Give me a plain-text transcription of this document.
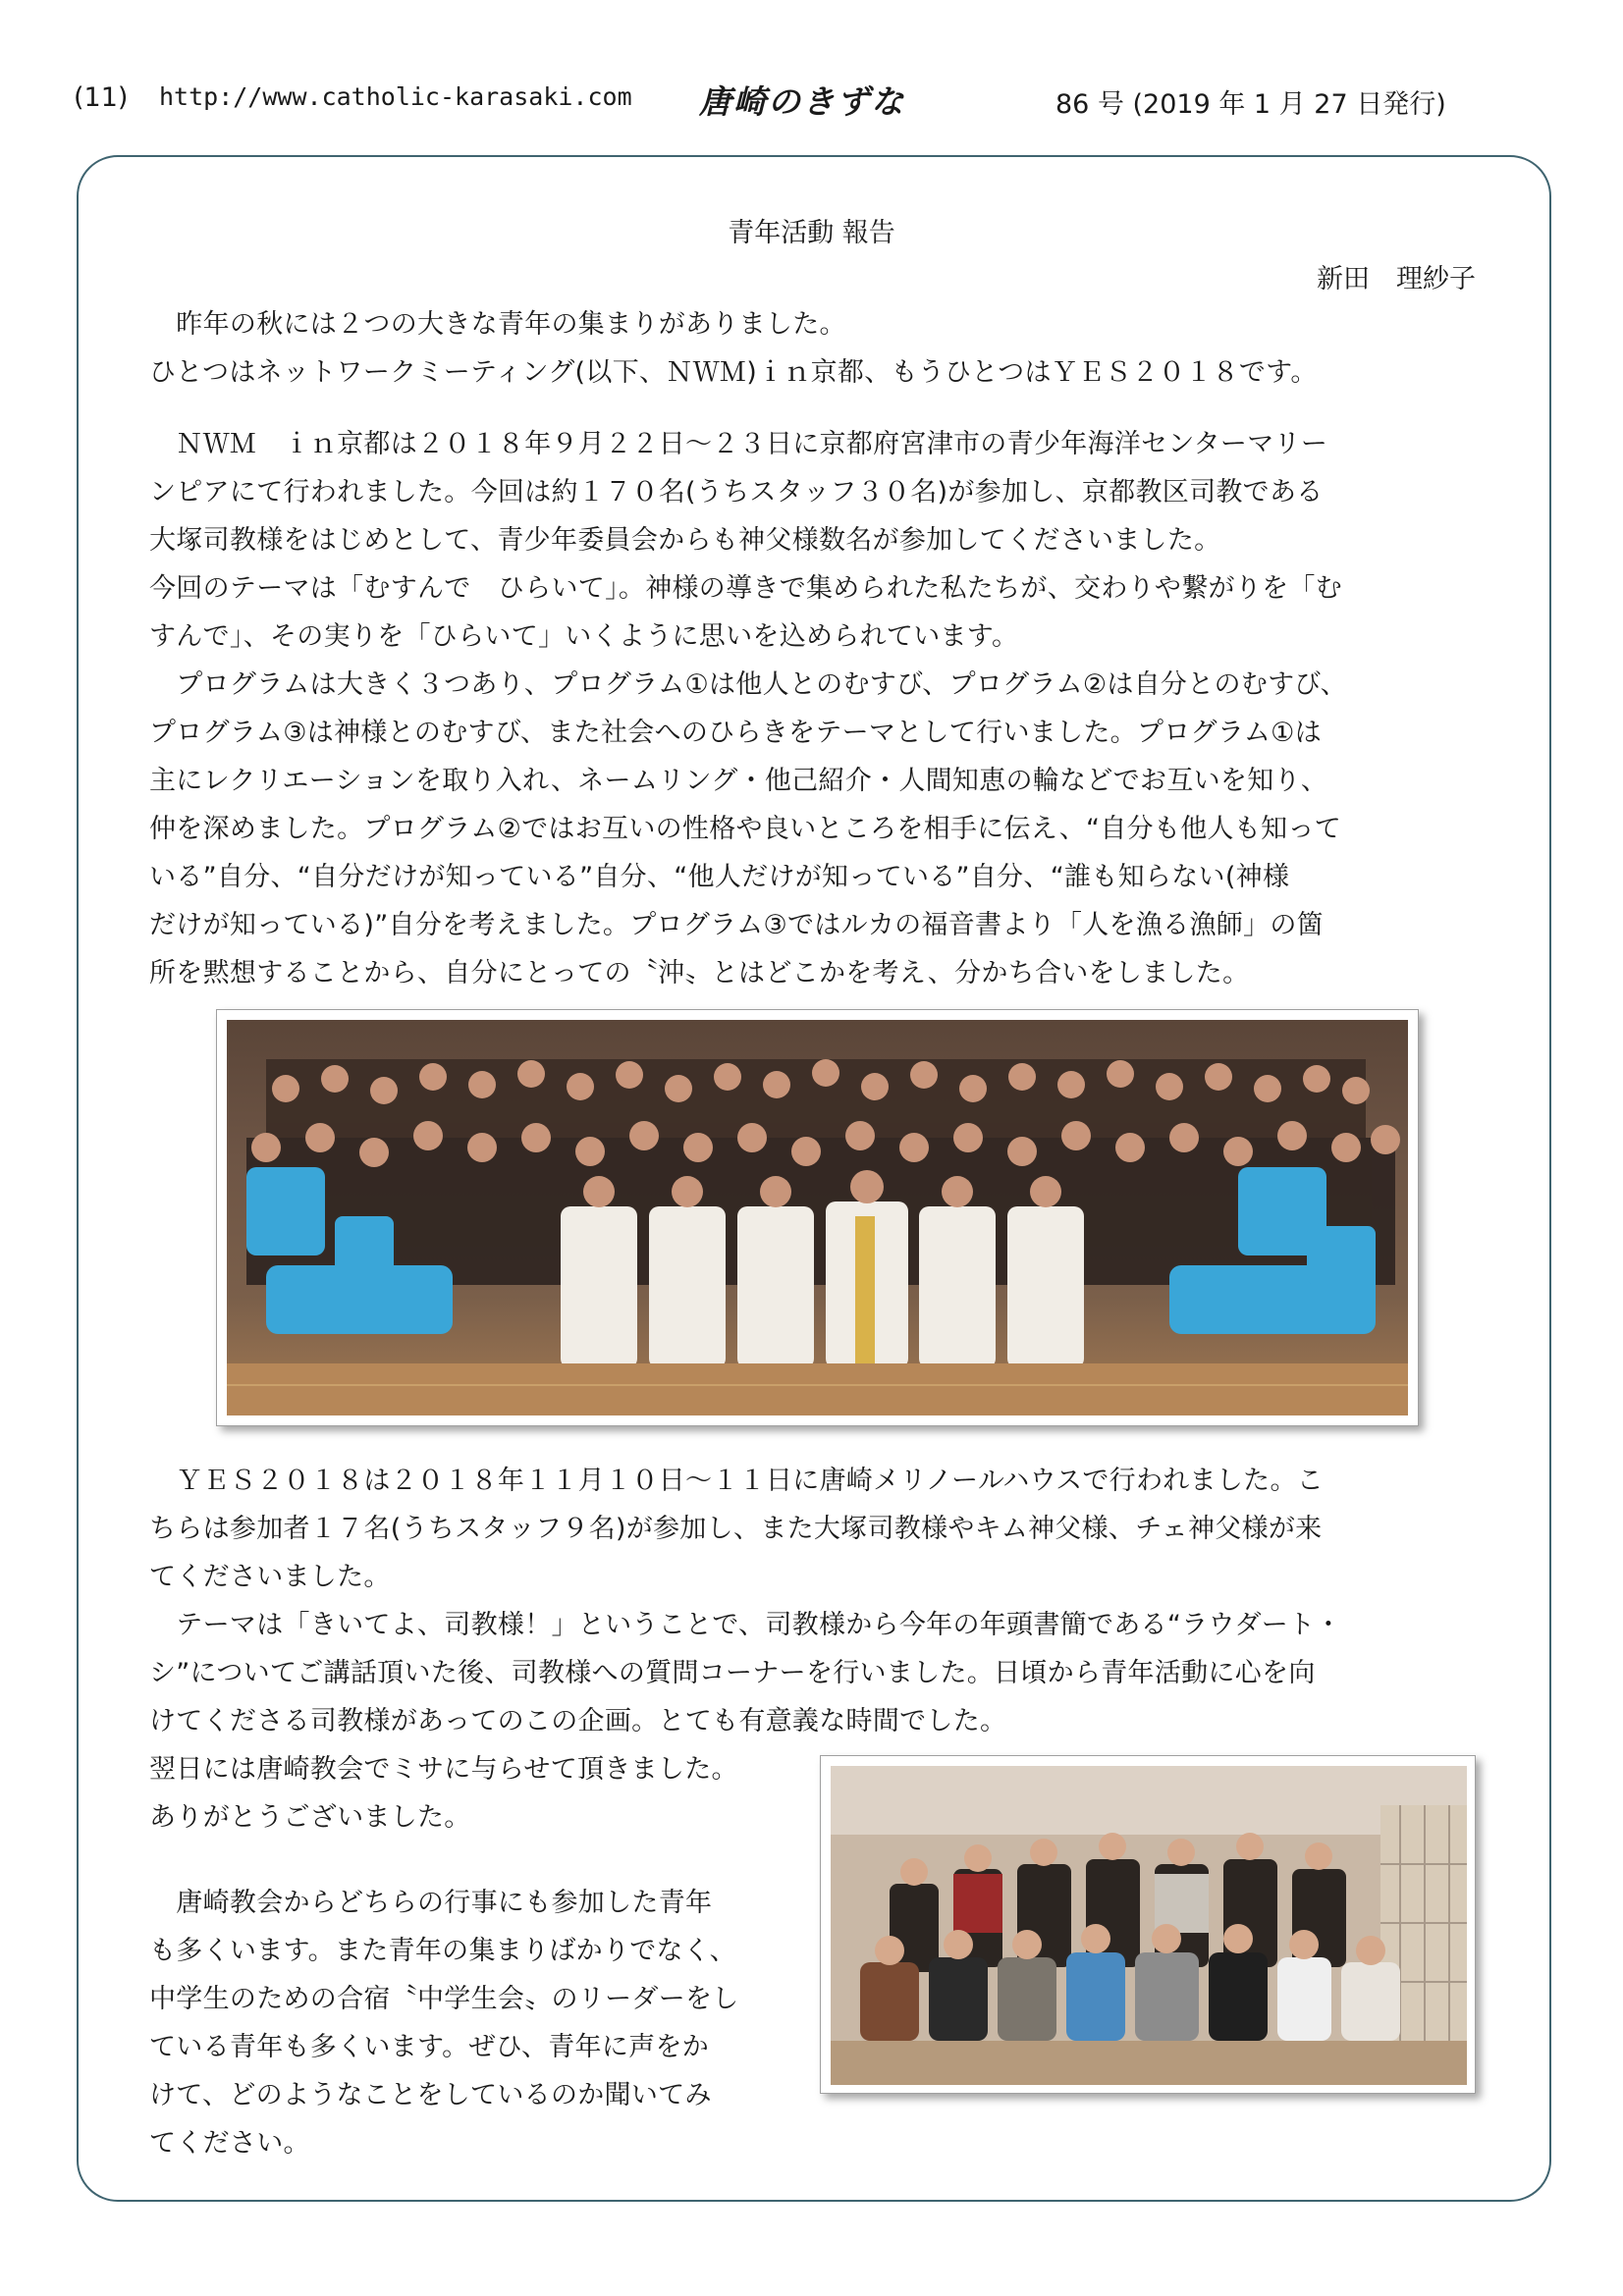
(11) http://www.catholic-karasaki.com 唐崎のきずな	86 号 (2019 年 1 月 27 日発行)
青年活動 報告
新田　理紗子
　昨年の秋には２つの大きな青年の集まりがありました。
ひとつはネットワークミーティング(以下、ＮＷＭ)ｉｎ京都、もうひとつはＹＥＳ２０１８です。
　ＮＷＭ　ｉｎ京都は２０１８年９月２２日～２３日に京都府宮津市の青少年海洋センターマリー
ンピアにて行われました。今回は約１７０名(うちスタッフ３０名)が参加し、京都教区司教である
大塚司教様をはじめとして、青少年委員会からも神父様数名が参加してくださいました。
今回のテーマは「むすんで　ひらいて」。神様の導きで集められた私たちが、交わりや繋がりを「む
すんで」、その実りを「ひらいて」いくように思いを込められています。
　プログラムは大きく３つあり、プログラム①は他人とのむすび、プログラム②は自分とのむすび、
プログラム③は神様とのむすび、また社会へのひらきをテーマとして行いました。プログラム①は
主にレクリエーションを取り入れ、ネームリング・他己紹介・人間知恵の輪などでお互いを知り、
仲を深めました。プログラム②ではお互いの性格や良いところを相手に伝え、“自分も他人も知って
いる”自分、“自分だけが知っている”自分、“他人だけが知っている”自分、“誰も知らない(神様
だけが知っている)”自分を考えました。プログラム③ではルカの福音書より「人を漁る漁師」の箇
所を黙想することから、自分にとっての〝沖〟とはどこかを考え、分かち合いをしました。
　ＹＥＳ２０１８は２０１８年１１月１０日～１１日に唐崎メリノールハウスで行われました。こ
ちらは参加者１７名(うちスタッフ９名)が参加し、また大塚司教様やキム神父様、チェ神父様が来
てくださいました。
　テーマは「きいてよ、司教様！」ということで、司教様から今年の年頭書簡である“ラウダート・
シ”についてご講話頂いた後、司教様への質問コーナーを行いました。日頃から青年活動に心を向
けてくださる司教様があってのこの企画。とても有意義な時間でした。
翌日には唐崎教会でミサに与らせて頂きました。
ありがとうございました。
　唐崎教会からどちらの行事にも参加した青年
も多くいます。また青年の集まりばかりでなく、
中学生のための合宿〝中学生会〟のリーダーをし
ている青年も多くいます。ぜひ、青年に声をか
けて、どのようなことをしているのか聞いてみ
てください。
